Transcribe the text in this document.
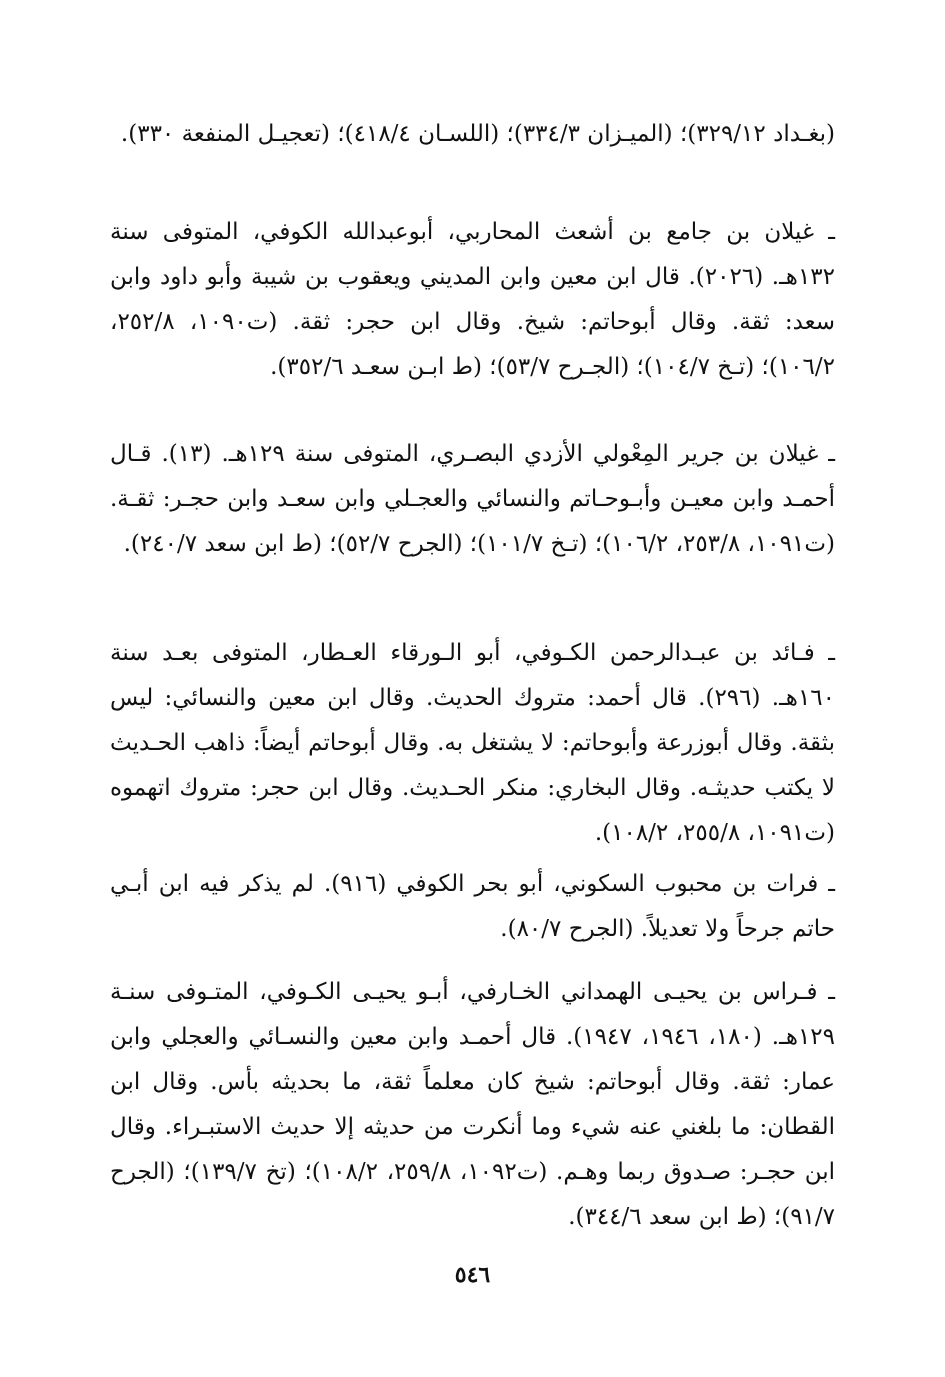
(بغـداد ٣٢٩/١٢)؛ (الميـزان ٣٣٤/٣)؛ (اللسـان ٤١٨/٤)؛ (تعجيـل المنفعة ٣٣٠).

ـ غيلان بن جامع بن أشعث المحاربي، أبوعبدالله الكوفي، المتوفى سنة ١٣٢هـ. (٢٠٢٦). قال ابن معين وابن المديني ويعقوب بن شيبة وأبو داود وابن سعد: ثقة. وقال أبوحاتم: شيخ. وقال ابن حجر: ثقة. (ت١٠٩٠، ٢٥٢/٨، ١٠٦/٢)؛ (تـخ ١٠٤/٧)؛ (الجـرح ٥٣/٧)؛ (ط ابـن سعـد ٣٥٢/٦).

ـ غيلان بن جرير المِعْولي الأزدي البصـري، المتوفى سنة ١٢٩هـ. (١٣). قـال أحمـد وابن معيـن وأبـوحـاتم والنسائي والعجـلي وابن سعـد وابن حجـر: ثقـة. (ت١٠٩١، ٢٥٣/٨، ١٠٦/٢)؛ (تـخ ١٠١/٧)؛ (الجرح ٥٢/٧)؛ (ط ابن سعد ٢٤٠/٧).

ـ فـائد بن عبـدالرحمن الكـوفي، أبو الـورقاء العـطار، المتوفى بعـد سنة ١٦٠هـ. (٢٩٦). قال أحمد: متروك الحديث. وقال ابن معين والنسائي: ليس بثقة. وقال أبوزرعة وأبوحاتم: لا يشتغل به. وقال أبوحاتم أيضاً: ذاهب الحـديث لا يكتب حديثـه. وقال البخاري: منكر الحـديث. وقال ابن حجر: متروك اتهموه (ت١٠٩١، ٢٥٥/٨، ١٠٨/٢).

ـ فرات بن محبوب السكوني، أبو بحر الكوفي (٩١٦). لم يذكر فيه ابن أبـي حاتم جرحاً ولا تعديلاً. (الجرح ٨٠/٧).

ـ فـراس بن يحيـى الهمداني الخـارفي، أبـو يحيـى الكـوفي، المتـوفى سنـة ١٢٩هـ. (١٨٠، ١٩٤٦، ١٩٤٧). قال أحمـد وابن معين والنسـائي والعجلي وابن عمار: ثقة. وقال أبوحاتم: شيخ كان معلماً ثقة، ما بحديثه بأس. وقال ابن القطان: ما بلغني عنه شيء وما أنكرت من حديثه إلا حديث الاستبـراء. وقال ابن حجـر: صـدوق ربما وهـم. (ت١٠٩٢، ٢٥٩/٨، ١٠٨/٢)؛ (تخ ١٣٩/٧)؛ (الجرح ٩١/٧)؛ (ط ابن سعد ٣٤٤/٦).

٥٤٦
